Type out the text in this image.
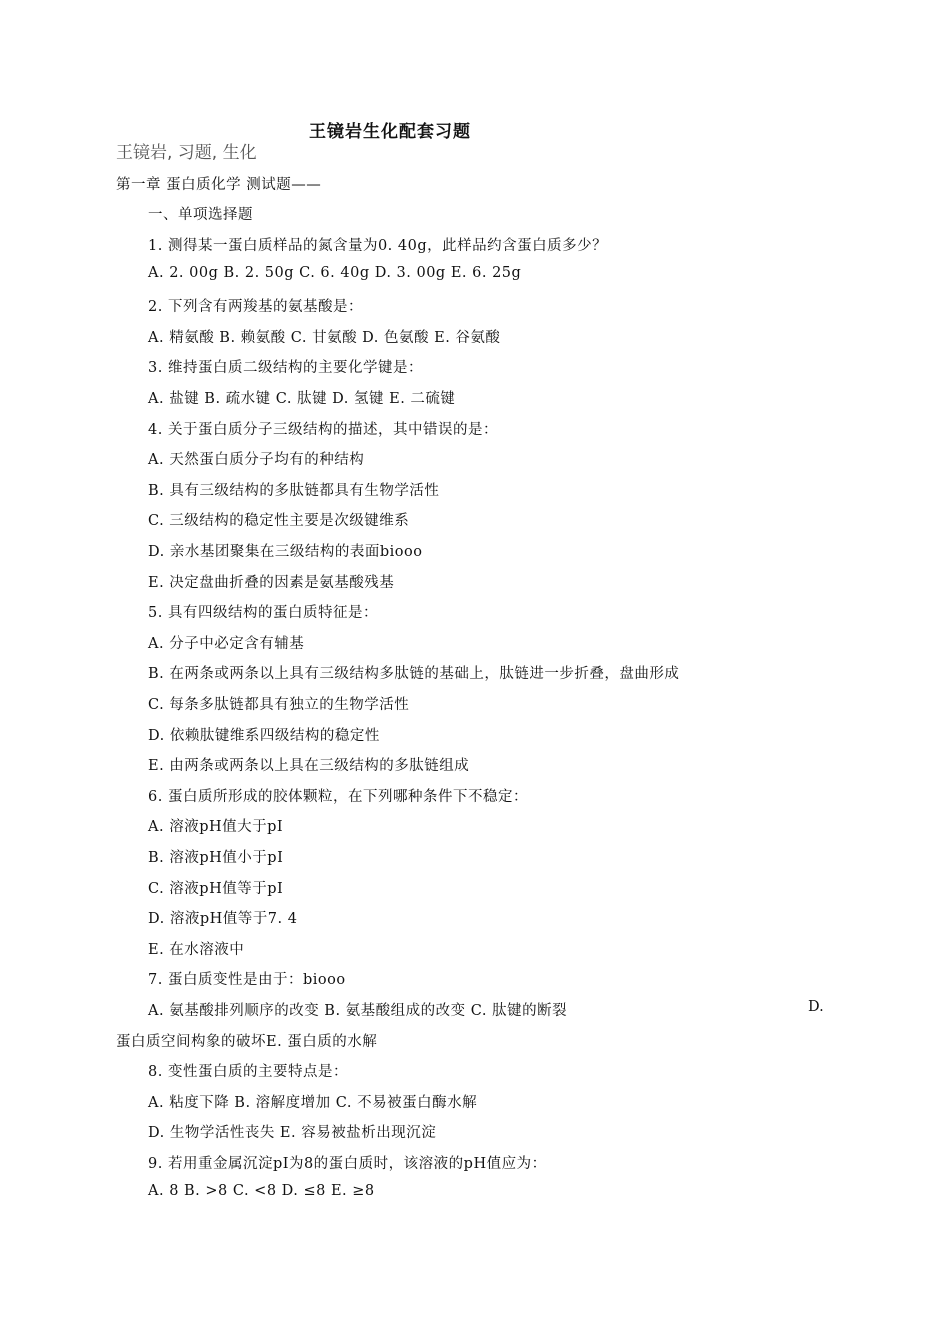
王镜岩生化配套习题
王镜岩, 习题, 生化
第一章 蛋白质化学 测试题——
一、单项选择题
1. 测得某一蛋白质样品的氮含量为0. 40g，此样品约含蛋白质多少？
A. 2. 00g B. 2. 50g C. 6. 40g D. 3. 00g E. 6. 25g
2. 下列含有两羧基的氨基酸是：
A. 精氨酸 B. 赖氨酸 C. 甘氨酸 D. 色氨酸 E. 谷氨酸
3. 维持蛋白质二级结构的主要化学键是：
A. 盐键 B. 疏水键 C. 肽键 D. 氢键 E. 二硫键
4. 关于蛋白质分子三级结构的描述，其中错误的是：
A. 天然蛋白质分子均有的种结构
B. 具有三级结构的多肽链都具有生物学活性
C. 三级结构的稳定性主要是次级键维系
D. 亲水基团聚集在三级结构的表面biooo
E. 决定盘曲折叠的因素是氨基酸残基
5. 具有四级结构的蛋白质特征是：
A. 分子中必定含有辅基
B. 在两条或两条以上具有三级结构多肽链的基础上，肽链进一步折叠，盘曲形成
C. 每条多肽链都具有独立的生物学活性
D. 依赖肽键维系四级结构的稳定性
E. 由两条或两条以上具在三级结构的多肽链组成
6. 蛋白质所形成的胶体颗粒，在下列哪种条件下不稳定：
A. 溶液pH值大于pI
B. 溶液pH值小于pI
C. 溶液pH值等于pI
D. 溶液pH值等于7. 4
E. 在水溶液中
7. 蛋白质变性是由于：biooo
A. 氨基酸排列顺序的改变 B. 氨基酸组成的改变 C. 肽键的断裂	D.
蛋白质空间构象的破坏E. 蛋白质的水解
8. 变性蛋白质的主要特点是：
A. 粘度下降 B. 溶解度增加 C. 不易被蛋白酶水解
D. 生物学活性丧失 E. 容易被盐析出现沉淀
9. 若用重金属沉淀pI为8的蛋白质时，该溶液的pH值应为：
A. 8 B. >8 C. <8 D. ≤8 E. ≥8
